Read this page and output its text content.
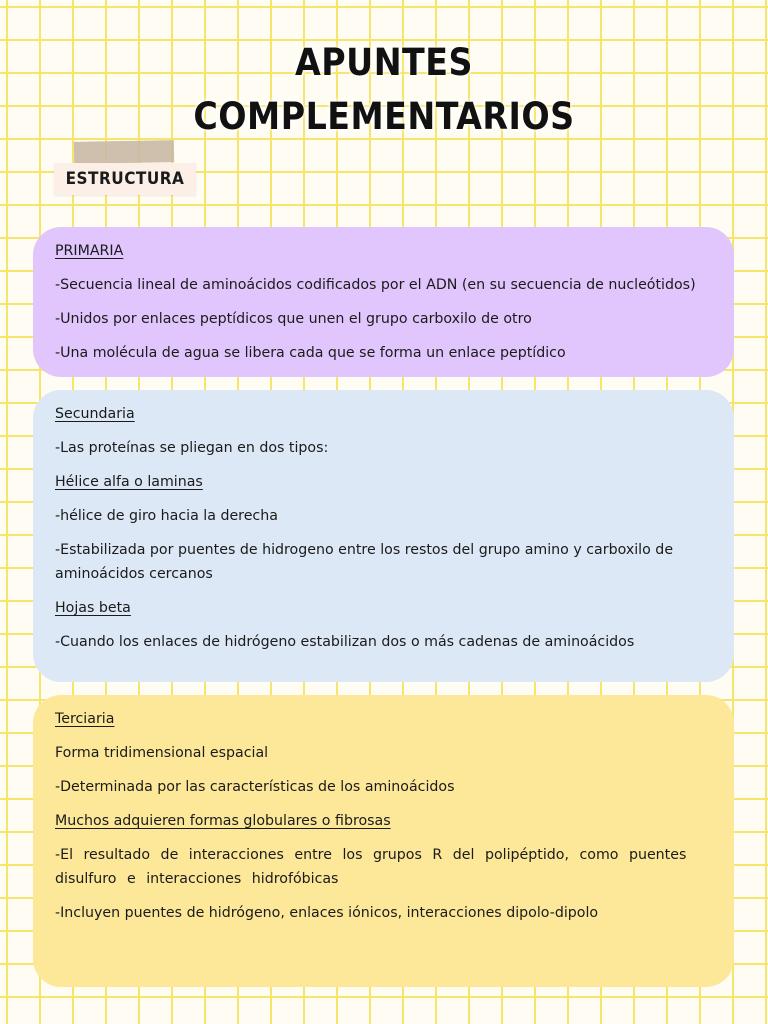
APUNTES
COMPLEMENTARIOS
ESTRUCTURA
PRIMARIA
-Secuencia lineal de aminoácidos codificados por el ADN (en su secuencia de nucleótidos)
-Unidos por enlaces peptídicos que unen el grupo carboxilo de otro
-Una molécula de agua se libera cada que se forma un enlace peptídico
Secundaria
-Las proteínas se pliegan en dos tipos:
Hélice alfa o laminas
-hélice de giro hacia la derecha
-Estabilizada por puentes de hidrogeno entre los restos del grupo amino y carboxilo de aminoácidos cercanos
Hojas beta
-Cuando los enlaces de hidrógeno estabilizan dos o más cadenas de aminoácidos
Terciaria
Forma tridimensional espacial
-Determinada por las características de los aminoácidos
Muchos adquieren formas globulares o fibrosas
-El resultado de interacciones entre los grupos R del polipéptido, como puentes disulfuro e interacciones hidrofóbicas
-Incluyen puentes de hidrógeno, enlaces iónicos, interacciones dipolo-dipolo
